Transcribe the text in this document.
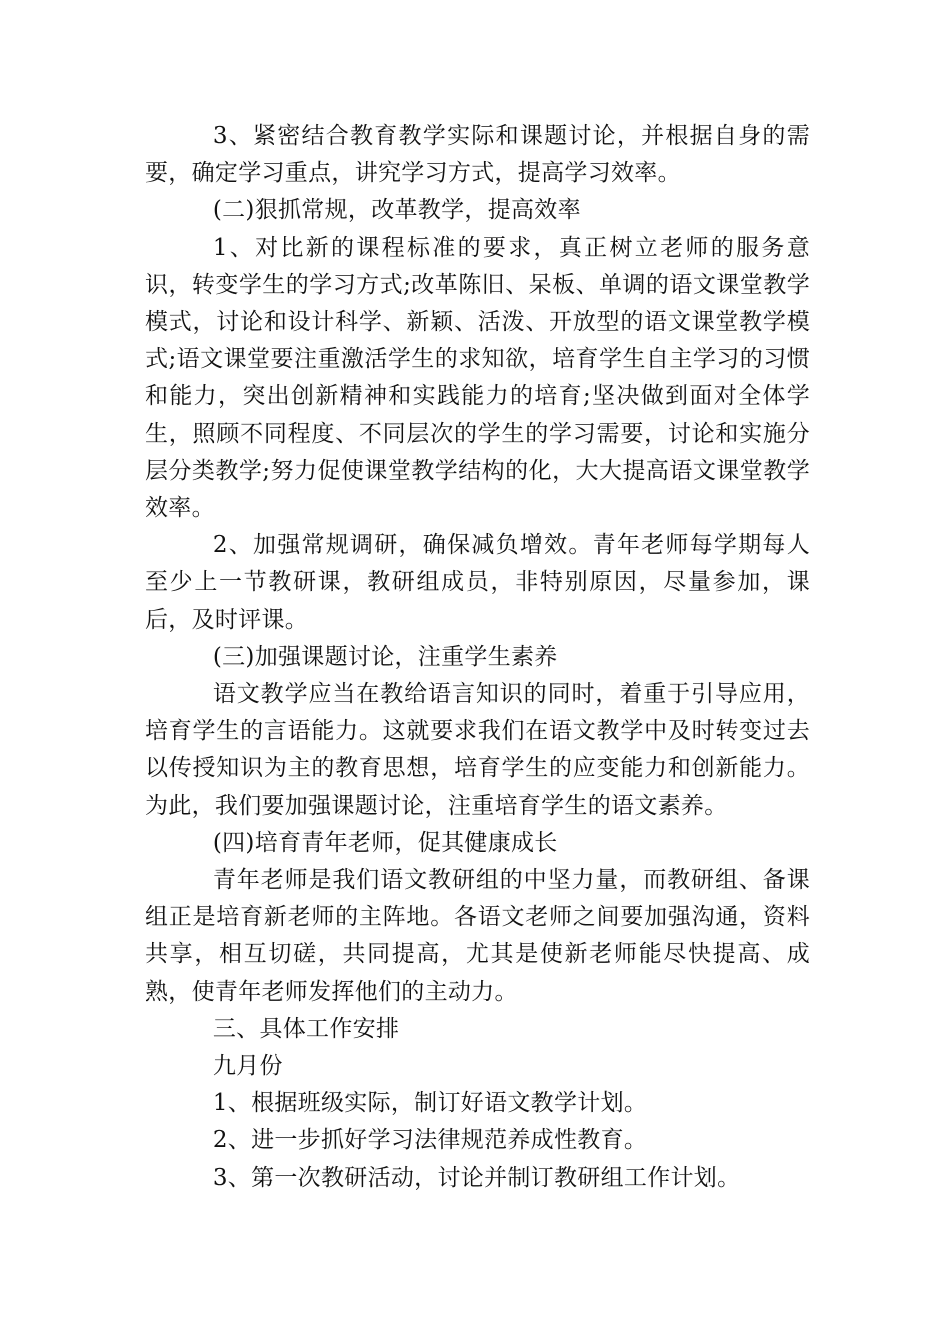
3、紧密结合教育教学实际和课题讨论，并根据自身的需要，确定学习重点，讲究学习方式，提高学习效率。

(二)狠抓常规，改革教学，提高效率

1、对比新的课程标准的要求，真正树立老师的服务意识，转变学生的学习方式;改革陈旧、呆板、单调的语文课堂教学模式，讨论和设计科学、新颖、活泼、开放型的语文课堂教学模式;语文课堂要注重激活学生的求知欲，培育学生自主学习的习惯和能力，突出创新精神和实践能力的培育;坚决做到面对全体学生，照顾不同程度、不同层次的学生的学习需要，讨论和实施分层分类教学;努力促使课堂教学结构的化，大大提高语文课堂教学效率。

2、加强常规调研，确保减负增效。青年老师每学期每人至少上一节教研课，教研组成员，非特别原因，尽量参加，课后，及时评课。

(三)加强课题讨论，注重学生素养

语文教学应当在教给语言知识的同时，着重于引导应用，培育学生的言语能力。这就要求我们在语文教学中及时转变过去以传授知识为主的教育思想，培育学生的应变能力和创新能力。为此，我们要加强课题讨论，注重培育学生的语文素养。

(四)培育青年老师，促其健康成长

青年老师是我们语文教研组的中坚力量，而教研组、备课组正是培育新老师的主阵地。各语文老师之间要加强沟通，资料共享，相互切磋，共同提高，尤其是使新老师能尽快提高、成熟，使青年老师发挥他们的主动力。

三、具体工作安排

九月份

1、根据班级实际，制订好语文教学计划。

2、进一步抓好学习法律规范养成性教育。

3、第一次教研活动，讨论并制订教研组工作计划。
